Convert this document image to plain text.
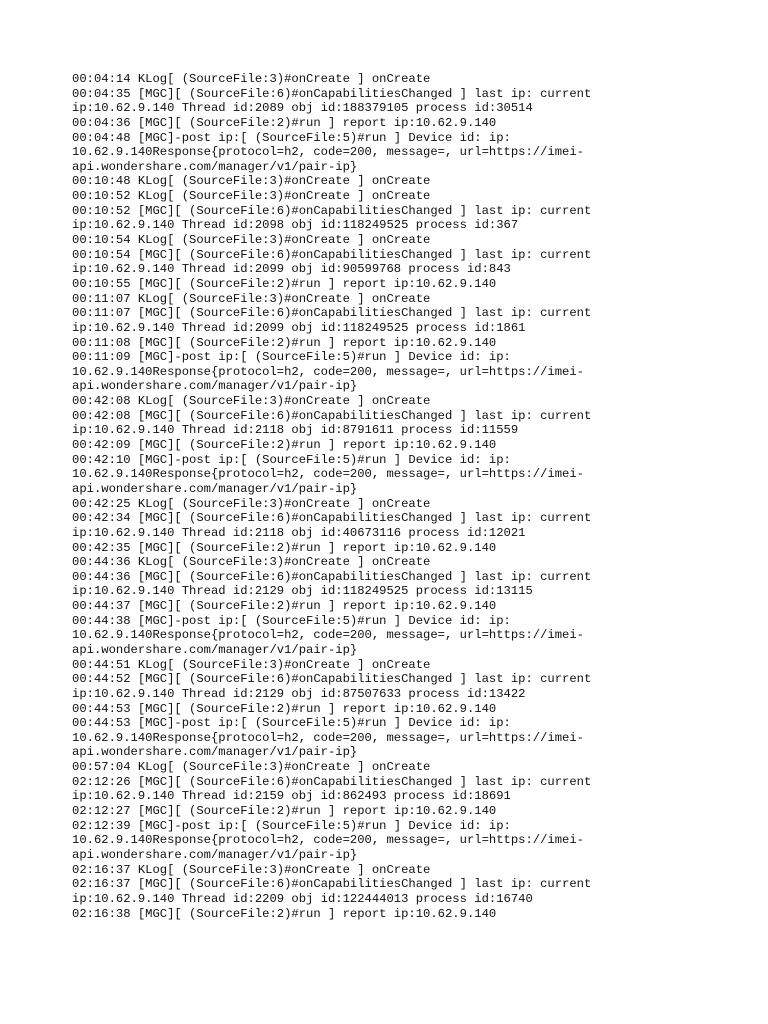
00:04:14 KLog[ (SourceFile:3)#onCreate ] onCreate
00:04:35 [MGC][ (SourceFile:6)#onCapabilitiesChanged ] last ip: current
ip:10.62.9.140 Thread id:2089 obj id:188379105 process id:30514
00:04:36 [MGC][ (SourceFile:2)#run ] report ip:10.62.9.140
00:04:48 [MGC]-post ip:[ (SourceFile:5)#run ] Device id: ip:
10.62.9.140Response{protocol=h2, code=200, message=, url=https://imei-
api.wondershare.com/manager/v1/pair-ip}
00:10:48 KLog[ (SourceFile:3)#onCreate ] onCreate
00:10:52 KLog[ (SourceFile:3)#onCreate ] onCreate
00:10:52 [MGC][ (SourceFile:6)#onCapabilitiesChanged ] last ip: current
ip:10.62.9.140 Thread id:2098 obj id:118249525 process id:367
00:10:54 KLog[ (SourceFile:3)#onCreate ] onCreate
00:10:54 [MGC][ (SourceFile:6)#onCapabilitiesChanged ] last ip: current
ip:10.62.9.140 Thread id:2099 obj id:90599768 process id:843
00:10:55 [MGC][ (SourceFile:2)#run ] report ip:10.62.9.140
00:11:07 KLog[ (SourceFile:3)#onCreate ] onCreate
00:11:07 [MGC][ (SourceFile:6)#onCapabilitiesChanged ] last ip: current
ip:10.62.9.140 Thread id:2099 obj id:118249525 process id:1861
00:11:08 [MGC][ (SourceFile:2)#run ] report ip:10.62.9.140
00:11:09 [MGC]-post ip:[ (SourceFile:5)#run ] Device id: ip:
10.62.9.140Response{protocol=h2, code=200, message=, url=https://imei-
api.wondershare.com/manager/v1/pair-ip}
00:42:08 KLog[ (SourceFile:3)#onCreate ] onCreate
00:42:08 [MGC][ (SourceFile:6)#onCapabilitiesChanged ] last ip: current
ip:10.62.9.140 Thread id:2118 obj id:8791611 process id:11559
00:42:09 [MGC][ (SourceFile:2)#run ] report ip:10.62.9.140
00:42:10 [MGC]-post ip:[ (SourceFile:5)#run ] Device id: ip:
10.62.9.140Response{protocol=h2, code=200, message=, url=https://imei-
api.wondershare.com/manager/v1/pair-ip}
00:42:25 KLog[ (SourceFile:3)#onCreate ] onCreate
00:42:34 [MGC][ (SourceFile:6)#onCapabilitiesChanged ] last ip: current
ip:10.62.9.140 Thread id:2118 obj id:40673116 process id:12021
00:42:35 [MGC][ (SourceFile:2)#run ] report ip:10.62.9.140
00:44:36 KLog[ (SourceFile:3)#onCreate ] onCreate
00:44:36 [MGC][ (SourceFile:6)#onCapabilitiesChanged ] last ip: current
ip:10.62.9.140 Thread id:2129 obj id:118249525 process id:13115
00:44:37 [MGC][ (SourceFile:2)#run ] report ip:10.62.9.140
00:44:38 [MGC]-post ip:[ (SourceFile:5)#run ] Device id: ip:
10.62.9.140Response{protocol=h2, code=200, message=, url=https://imei-
api.wondershare.com/manager/v1/pair-ip}
00:44:51 KLog[ (SourceFile:3)#onCreate ] onCreate
00:44:52 [MGC][ (SourceFile:6)#onCapabilitiesChanged ] last ip: current
ip:10.62.9.140 Thread id:2129 obj id:87507633 process id:13422
00:44:53 [MGC][ (SourceFile:2)#run ] report ip:10.62.9.140
00:44:53 [MGC]-post ip:[ (SourceFile:5)#run ] Device id: ip:
10.62.9.140Response{protocol=h2, code=200, message=, url=https://imei-
api.wondershare.com/manager/v1/pair-ip}
00:57:04 KLog[ (SourceFile:3)#onCreate ] onCreate
02:12:26 [MGC][ (SourceFile:6)#onCapabilitiesChanged ] last ip: current
ip:10.62.9.140 Thread id:2159 obj id:862493 process id:18691
02:12:27 [MGC][ (SourceFile:2)#run ] report ip:10.62.9.140
02:12:39 [MGC]-post ip:[ (SourceFile:5)#run ] Device id: ip:
10.62.9.140Response{protocol=h2, code=200, message=, url=https://imei-
api.wondershare.com/manager/v1/pair-ip}
02:16:37 KLog[ (SourceFile:3)#onCreate ] onCreate
02:16:37 [MGC][ (SourceFile:6)#onCapabilitiesChanged ] last ip: current
ip:10.62.9.140 Thread id:2209 obj id:122444013 process id:16740
02:16:38 [MGC][ (SourceFile:2)#run ] report ip:10.62.9.140
